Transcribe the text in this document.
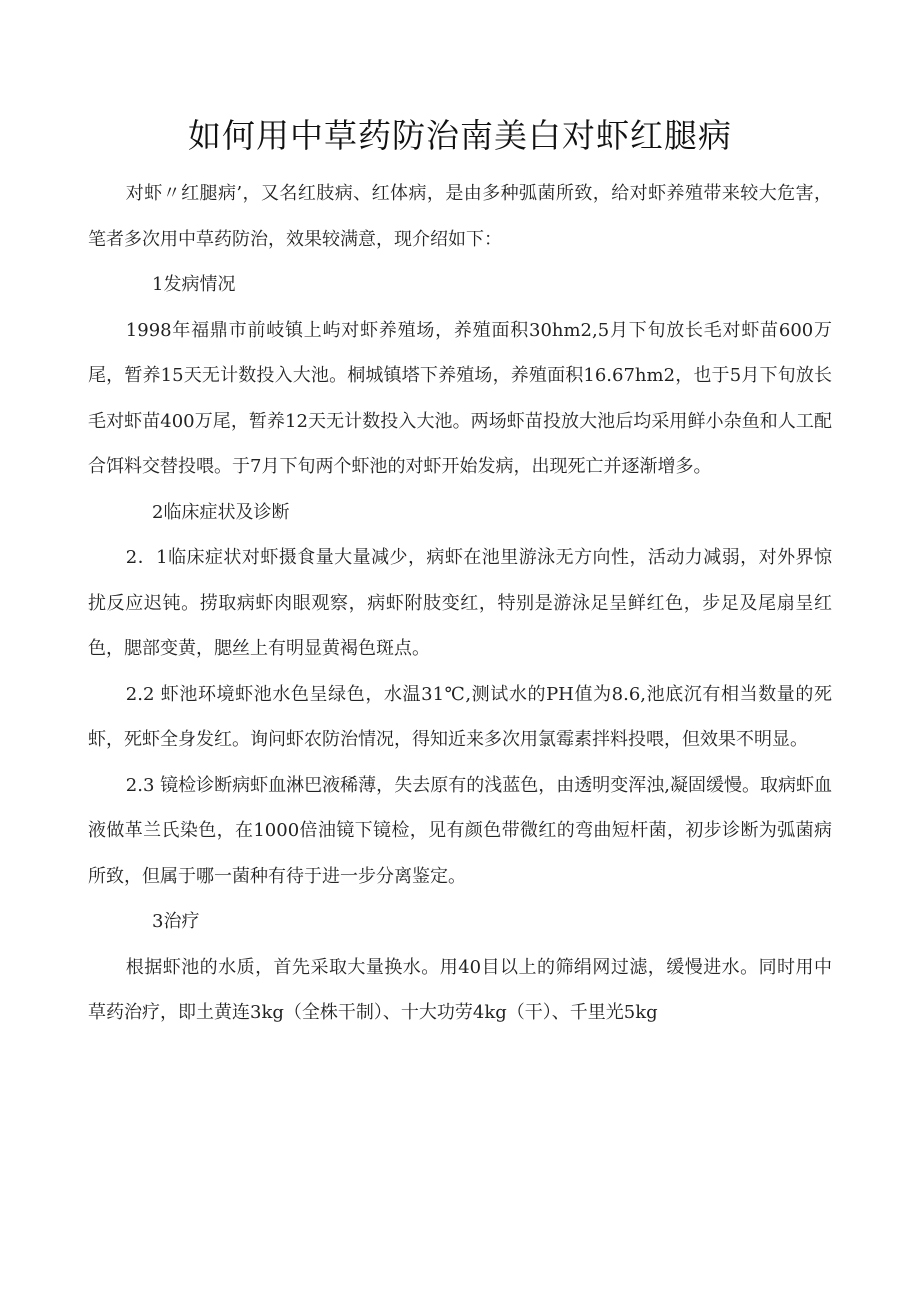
如何用中草药防治南美白对虾红腿病

对虾〃红腿病’，又名红肢病、红体病，是由多种弧菌所致，给对虾养殖带来较大危害，笔者多次用中草药防治，效果较满意，现介绍如下：

1发病情况

1998年福鼎市前岐镇上屿对虾养殖场，养殖面积30hm2,5月下旬放长毛对虾苗600万尾，暂养15天无计数投入大池。桐城镇塔下养殖场，养殖面积16.67hm2，也于5月下旬放长毛对虾苗400万尾，暂养12天无计数投入大池。两场虾苗投放大池后均采用鲜小杂鱼和人工配合饵料交替投喂。于7月下旬两个虾池的对虾开始发病，出现死亡并逐渐增多。

2临床症状及诊断

2．1临床症状对虾摄食量大量减少，病虾在池里游泳无方向性，活动力减弱，对外界惊扰反应迟钝。捞取病虾肉眼观察，病虾附肢变红，特别是游泳足呈鲜红色，步足及尾扇呈红色，腮部变黄，腮丝上有明显黄褐色斑点。

2.2 虾池环境虾池水色呈绿色，水温31℃,测试水的PH值为8.6,池底沉有相当数量的死虾，死虾全身发红。询问虾农防治情况，得知近来多次用氯霉素拌料投喂，但效果不明显。

2.3 镜检诊断病虾血淋巴液稀薄，失去原有的浅蓝色，由透明变浑浊,凝固缓慢。取病虾血液做革兰氏染色，在1000倍油镜下镜检，见有颜色带微红的弯曲短杆菌，初步诊断为弧菌病所致，但属于哪一菌种有待于进一步分离鉴定。

3治疗

根据虾池的水质，首先采取大量换水。用40目以上的筛绢网过滤，缓慢进水。同时用中草药治疗，即土黄连3kg（全株干制）、十大功劳4kg（干）、千里光5kg
